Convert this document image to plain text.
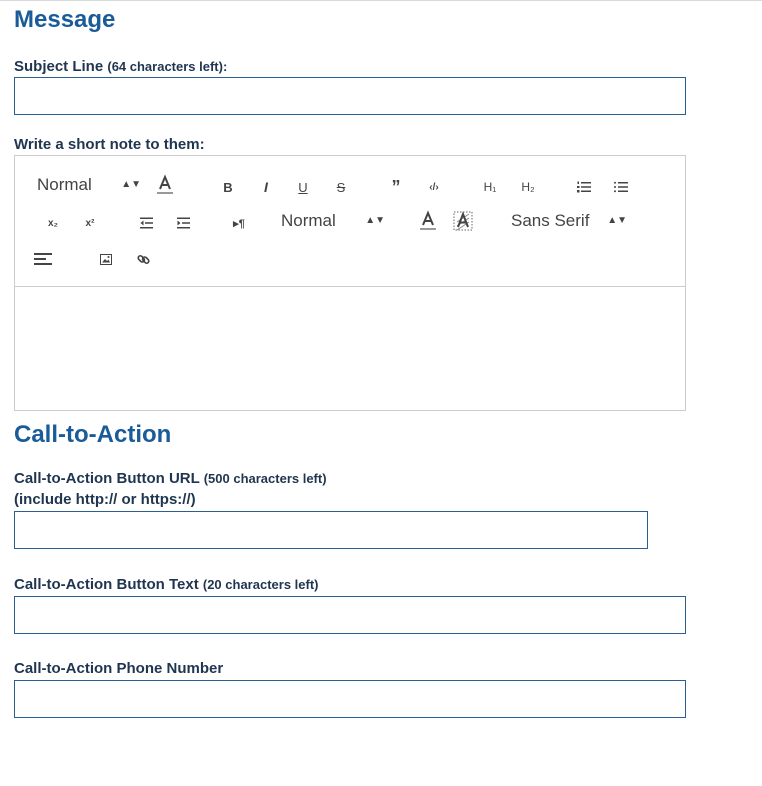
Message
Subject Line (64 characters left):
Write a short note to them:
Normal	▲▼	B	I	U	S	”	‹/›	H₁	H₂
x₂	x²	▸¶ Normal	▲▼	Sans Serif ▲▼
Call-to-Action
Call-to-Action Button URL (500 characters left)
(include http:// or https://)
Call-to-Action Button Text (20 characters left)
Call-to-Action Phone Number
